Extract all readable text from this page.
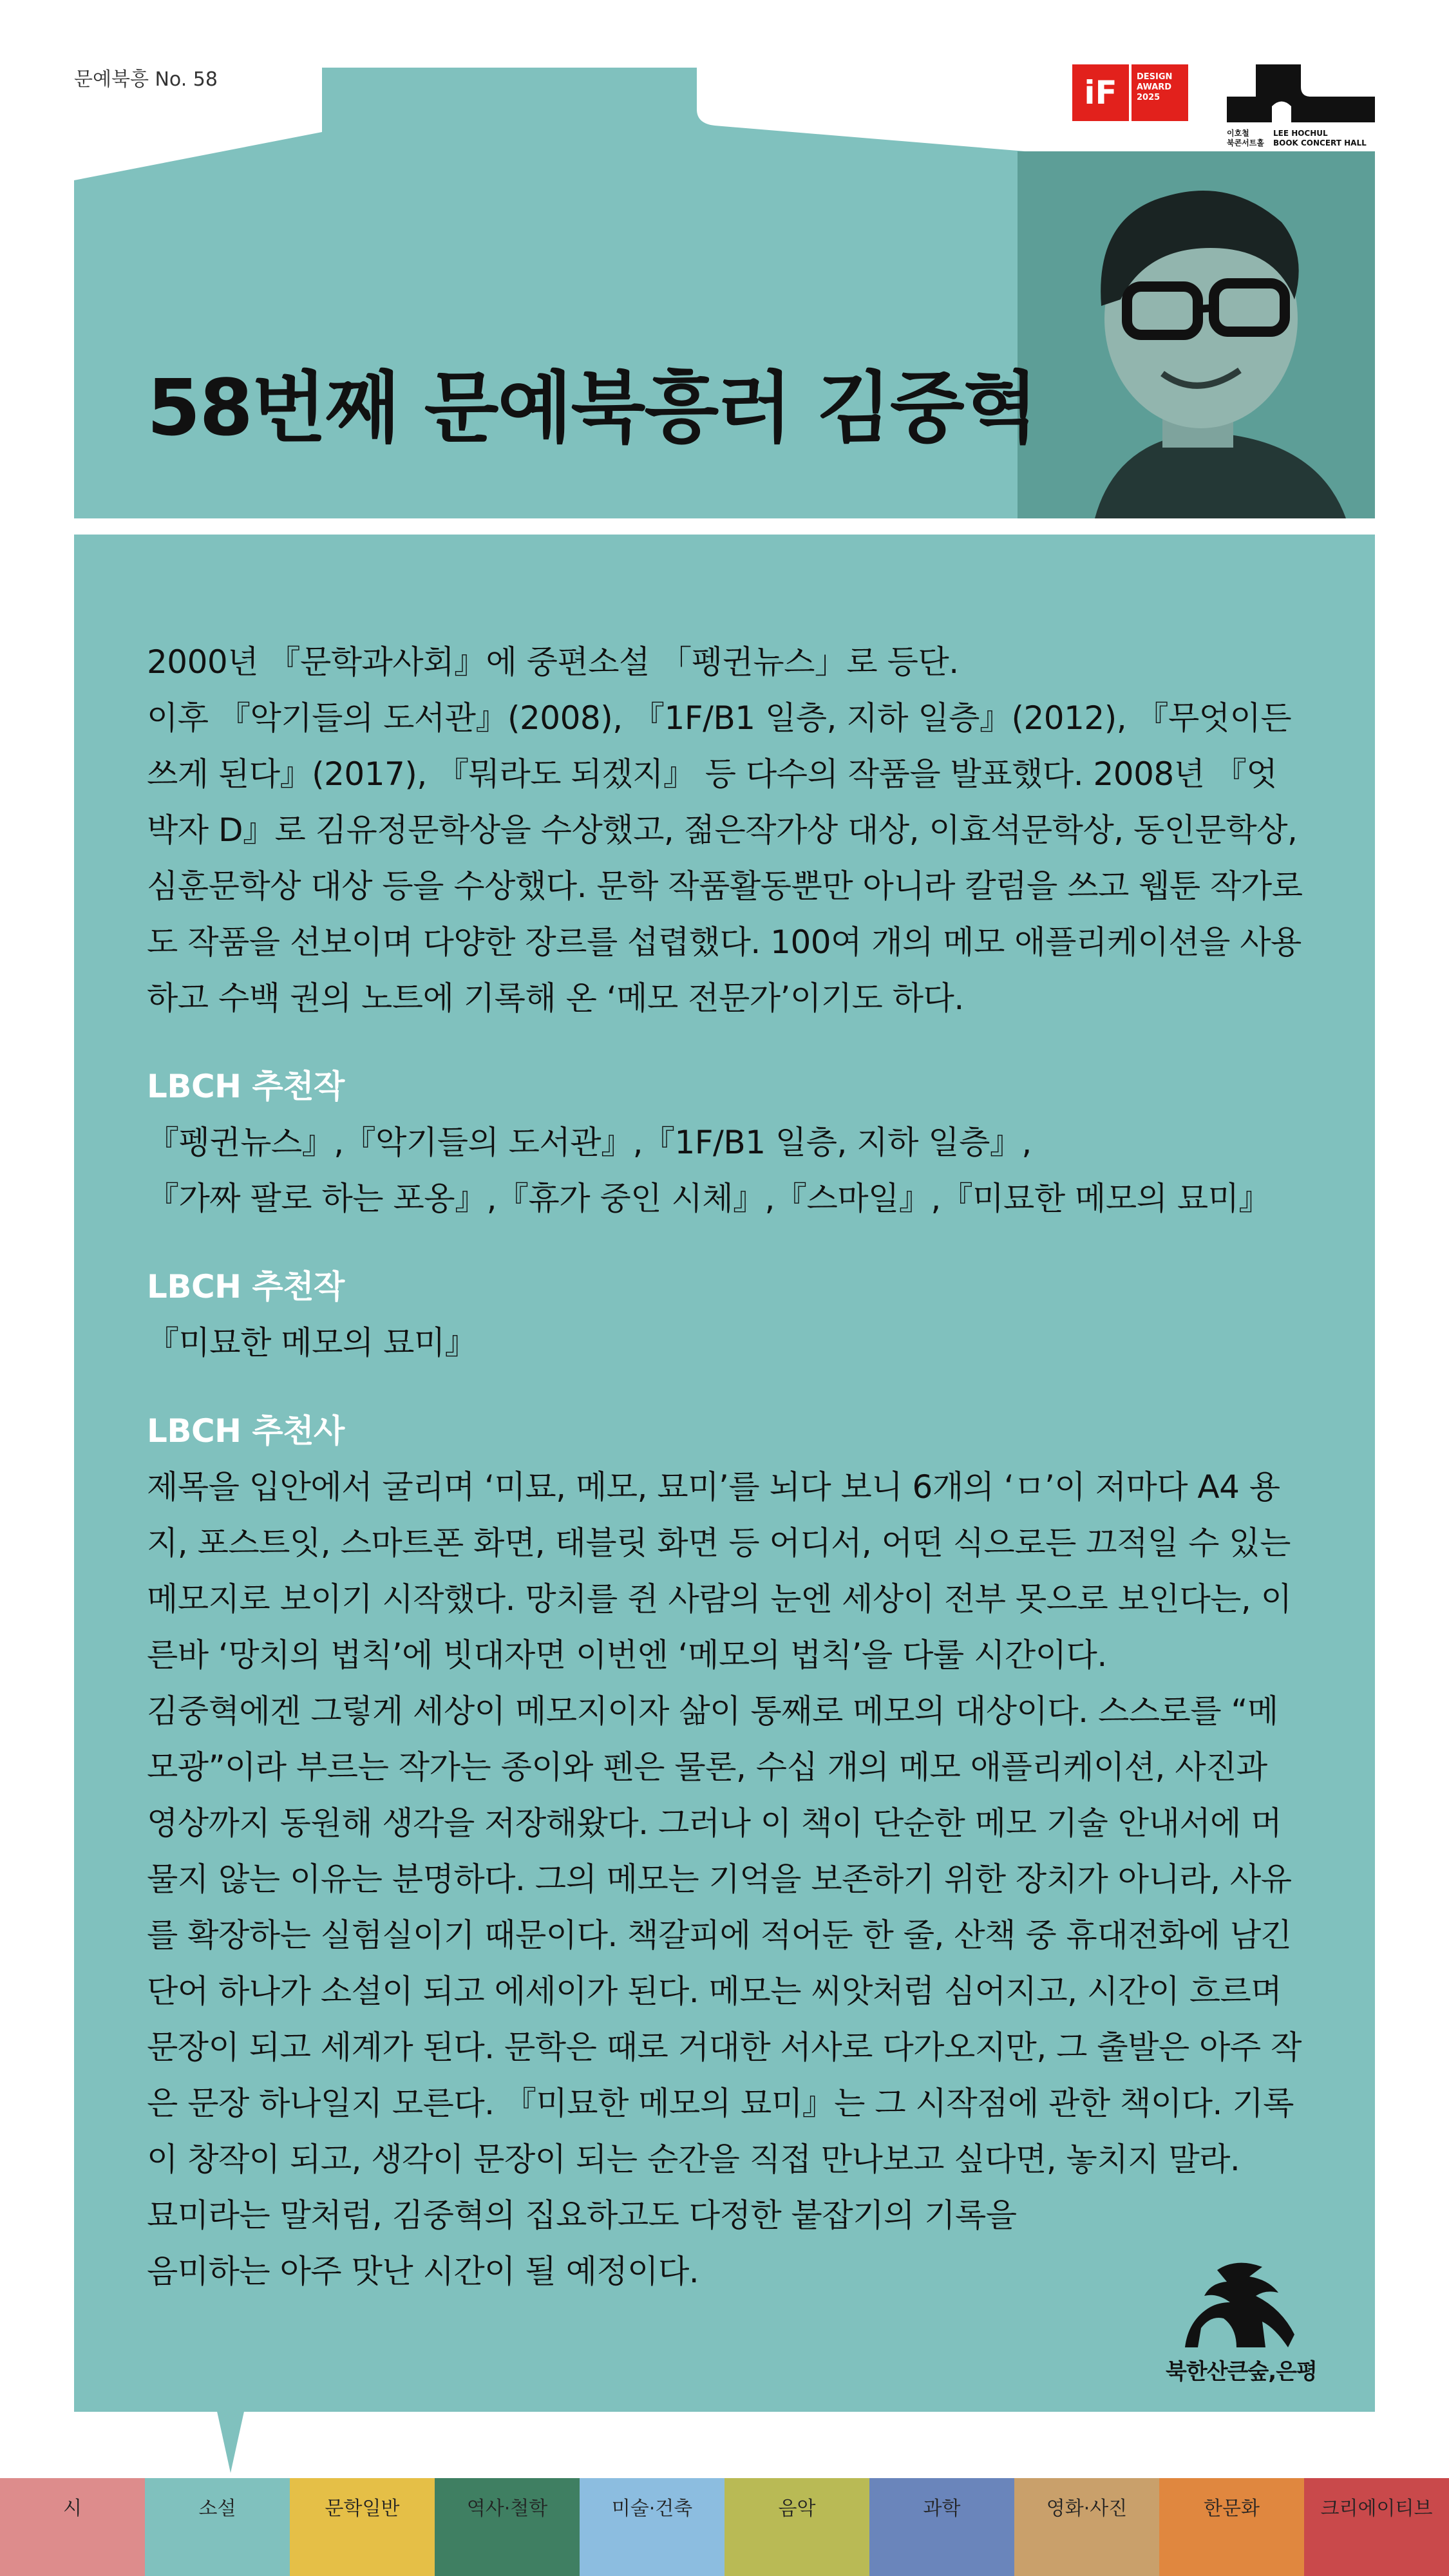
문예북흥 No. 58	iF	DESIGN
AWARD
2025
이호철
북콘서트홀
LEE HOCHUL
BOOK CONCERT HALL
58번째 문예북흥러 김중혁

2000년 『문학과사회』에 중편소설 「펭귄뉴스」로 등단.

이후 『악기들의 도서관』(2008), 『1F/B1 일층, 지하 일층』(2012), 『무엇이든 쓰게 된다』(2017), 『뭐라도 되겠지』 등 다수의 작품을 발표했다. 2008년 『엇박자 D』로 김유정문학상을 수상했고, 젊은작가상 대상, 이효석문학상, 동인문학상, 심훈문학상 대상 등을 수상했다. 문학 작품활동뿐만 아니라 칼럼을 쓰고 웹툰 작가로도 작품을 선보이며 다양한 장르를 섭렵했다. 100여 개의 메모 애플리케이션을 사용하고 수백 권의 노트에 기록해 온 ‘메모 전문가’이기도 하다.

LBCH 추천작

『펭귄뉴스』,『악기들의 도서관』,『1F/B1 일층, 지하 일층』,

『가짜 팔로 하는 포옹』,『휴가 중인 시체』,『스마일』,『미묘한 메모의 묘미』

LBCH 추천작

『미묘한 메모의 묘미』

LBCH 추천사

제목을 입안에서 굴리며 ‘미묘, 메모, 묘미’를 뇌다 보니 6개의 ‘ㅁ’이 저마다 A4 용지, 포스트잇, 스마트폰 화면, 태블릿 화면 등 어디서, 어떤 식으로든 끄적일 수 있는 메모지로 보이기 시작했다. 망치를 쥔 사람의 눈엔 세상이 전부 못으로 보인다는, 이른바 ‘망치의 법칙’에 빗대자면 이번엔 ‘메모의 법칙’을 다룰 시간이다.

김중혁에겐 그렇게 세상이 메모지이자 삶이 통째로 메모의 대상이다. 스스로를 “메모광”이라 부르는 작가는 종이와 펜은 물론, 수십 개의 메모 애플리케이션, 사진과 영상까지 동원해 생각을 저장해왔다. 그러나 이 책이 단순한 메모 기술 안내서에 머물지 않는 이유는 분명하다. 그의 메모는 기억을 보존하기 위한 장치가 아니라, 사유를 확장하는 실험실이기 때문이다. 책갈피에 적어둔 한 줄, 산책 중 휴대전화에 남긴 단어 하나가 소설이 되고 에세이가 된다. 메모는 씨앗처럼 심어지고, 시간이 흐르며 문장이 되고 세계가 된다. 문학은 때로 거대한 서사로 다가오지만, 그 출발은 아주 작은 문장 하나일지 모른다. 『미묘한 메모의 묘미』는 그 시작점에 관한 책이다. 기록이 창작이 되고, 생각이 문장이 되는 순간을 직접 만나보고 싶다면, 놓치지 말라.

묘미라는 말처럼, 김중혁의 집요하고도 다정한 붙잡기의 기록을

음미하는 아주 맛난 시간이 될 예정이다.

북한산큰숲,은평
시	소설	문학일반	역사·철학	미술·건축	음악	과학	영화·사진	한문화	크리에이티브
